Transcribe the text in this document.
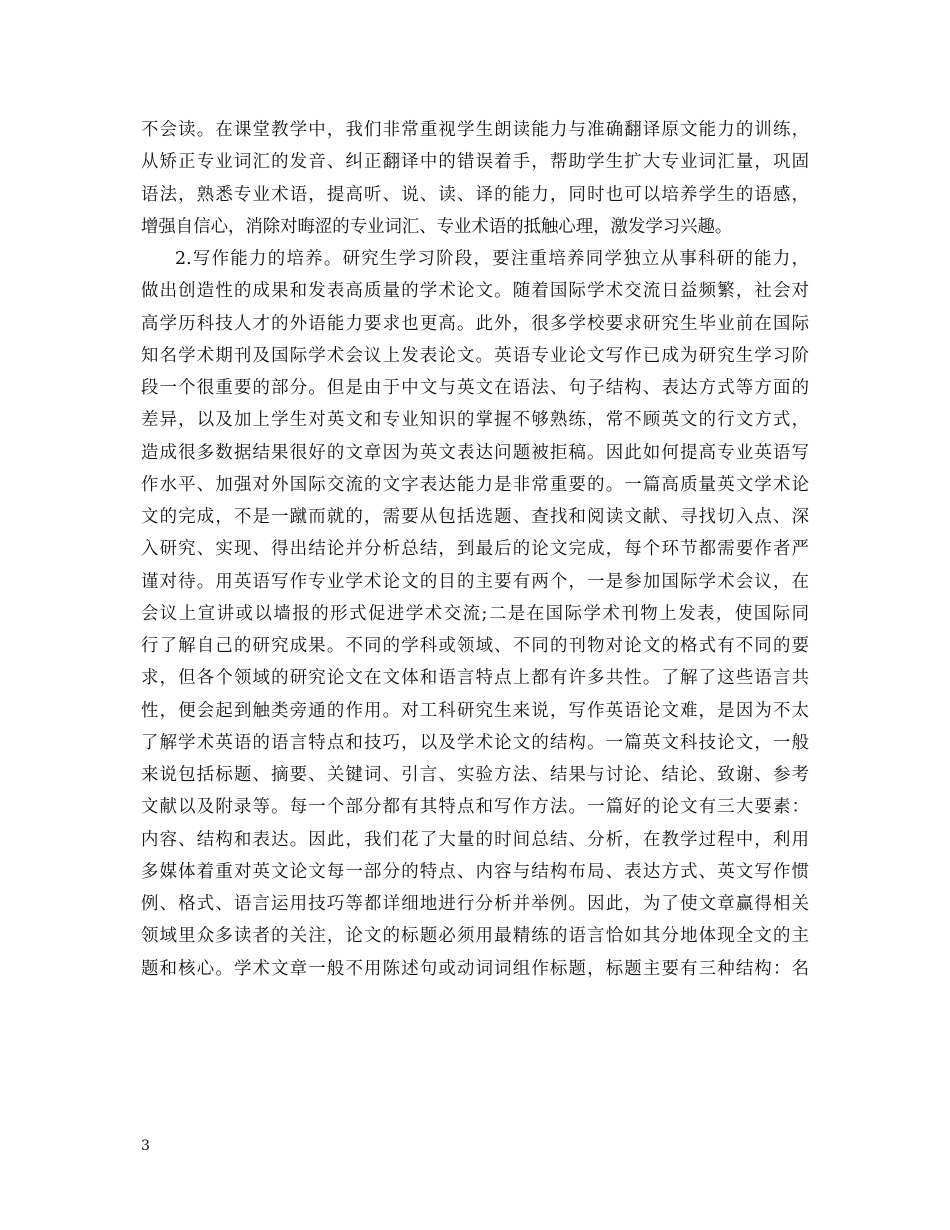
不会读。在课堂教学中，我们非常重视学生朗读能力与准确翻译原文能力的训练，
从矫正专业词汇的发音、纠正翻译中的错误着手，帮助学生扩大专业词汇量，巩固
语法，熟悉专业术语，提高听、说、读、译的能力，同时也可以培养学生的语感，
增强自信心，消除对晦涩的专业词汇、专业术语的抵触心理，激发学习兴趣。
2.写作能力的培养。研究生学习阶段，要注重培养同学独立从事科研的能力，
做出创造性的成果和发表高质量的学术论文。随着国际学术交流日益频繁，社会对
高学历科技人才的外语能力要求也更高。此外，很多学校要求研究生毕业前在国际
知名学术期刊及国际学术会议上发表论文。英语专业论文写作已成为研究生学习阶
段一个很重要的部分。但是由于中文与英文在语法、句子结构、表达方式等方面的
差异，以及加上学生对英文和专业知识的掌握不够熟练，常不顾英文的行文方式，
造成很多数据结果很好的文章因为英文表达问题被拒稿。因此如何提高专业英语写
作水平、加强对外国际交流的文字表达能力是非常重要的。一篇高质量英文学术论
文的完成，不是一蹴而就的，需要从包括选题、查找和阅读文献、寻找切入点、深
入研究、实现、得出结论并分析总结，到最后的论文完成，每个环节都需要作者严
谨对待。用英语写作专业学术论文的目的主要有两个，一是参加国际学术会议，在
会议上宣讲或以墙报的形式促进学术交流;二是在国际学术刊物上发表，使国际同
行了解自己的研究成果。不同的学科或领域、不同的刊物对论文的格式有不同的要
求，但各个领域的研究论文在文体和语言特点上都有许多共性。了解了这些语言共
性，便会起到触类旁通的作用。对工科研究生来说，写作英语论文难，是因为不太
了解学术英语的语言特点和技巧，以及学术论文的结构。一篇英文科技论文，一般
来说包括标题、摘要、关键词、引言、实验方法、结果与讨论、结论、致谢、参考
文献以及附录等。每一个部分都有其特点和写作方法。一篇好的论文有三大要素：
内容、结构和表达。因此，我们花了大量的时间总结、分析，在教学过程中，利用
多媒体着重对英文论文每一部分的特点、内容与结构布局、表达方式、英文写作惯
例、格式、语言运用技巧等都详细地进行分析并举例。因此，为了使文章赢得相关
领域里众多读者的关注，论文的标题必须用最精练的语言恰如其分地体现全文的主
题和核心。学术文章一般不用陈述句或动词词组作标题，标题主要有三种结构：名
3
